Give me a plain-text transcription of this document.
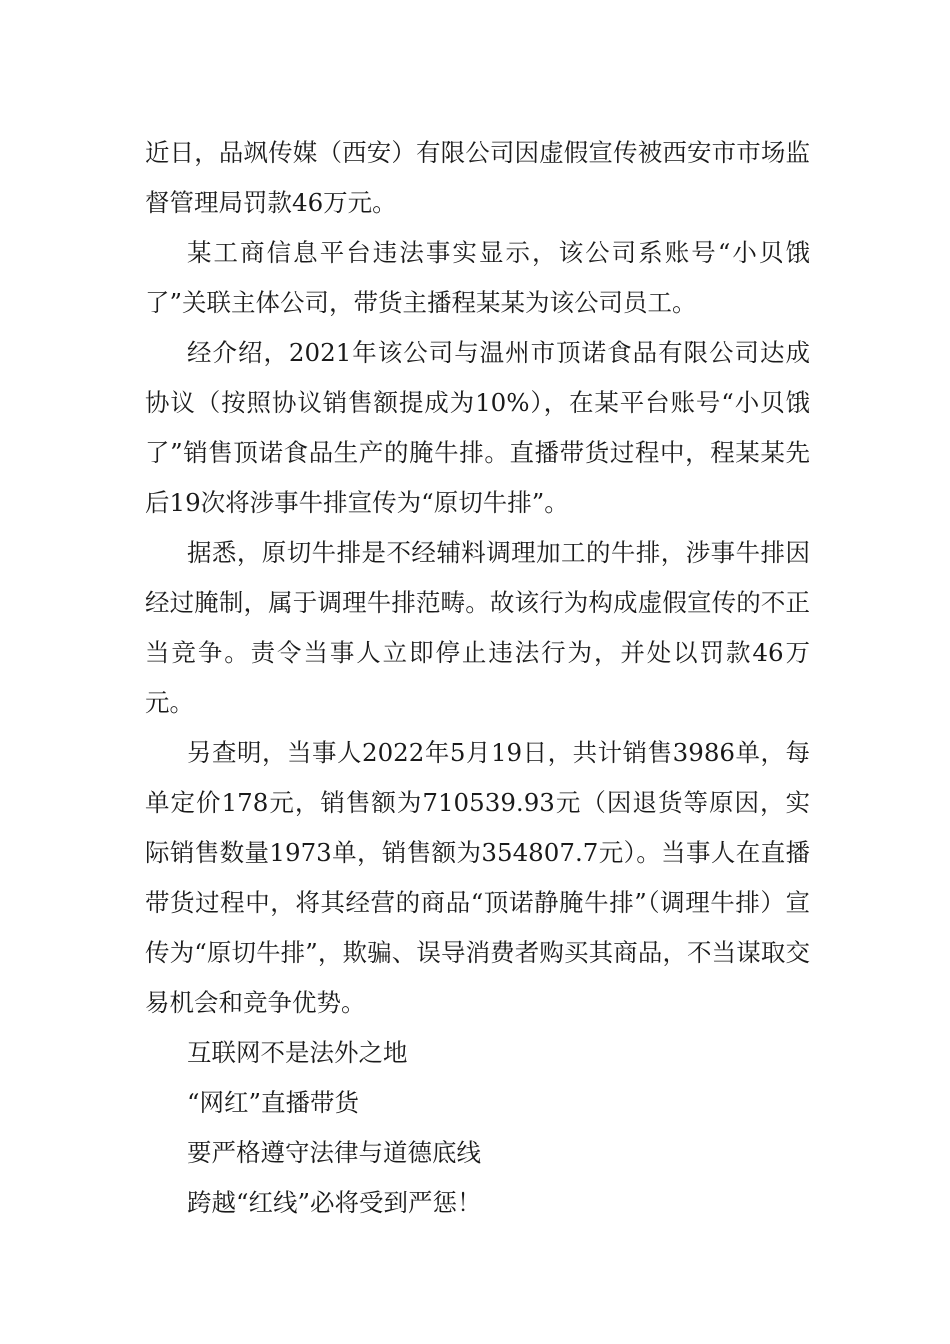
近日，品飒传媒（西安）有限公司因虚假宣传被西安市市场监督管理局罚款46万元。

某工商信息平台违法事实显示，该公司系账号“小贝饿了”关联主体公司，带货主播程某某为该公司员工。

经介绍，2021年该公司与温州市顶诺食品有限公司达成协议（按照协议销售额提成为10%），在某平台账号“小贝饿了”销售顶诺食品生产的腌牛排。直播带货过程中，程某某先后19次将涉事牛排宣传为“原切牛排”。

据悉，原切牛排是不经辅料调理加工的牛排，涉事牛排因经过腌制，属于调理牛排范畴。故该行为构成虚假宣传的不正当竞争。责令当事人立即停止违法行为，并处以罚款46万元。

另查明，当事人2022年5月19日，共计销售3986单，每单定价178元，销售额为710539.93元（因退货等原因，实际销售数量1973单，销售额为354807.7元）。当事人在直播带货过程中，将其经营的商品“顶诺静腌牛排”（调理牛排）宣传为“原切牛排”，欺骗、误导消费者购买其商品，不当谋取交易机会和竞争优势。

互联网不是法外之地

“网红”直播带货

要严格遵守法律与道德底线

跨越“红线”必将受到严惩！
